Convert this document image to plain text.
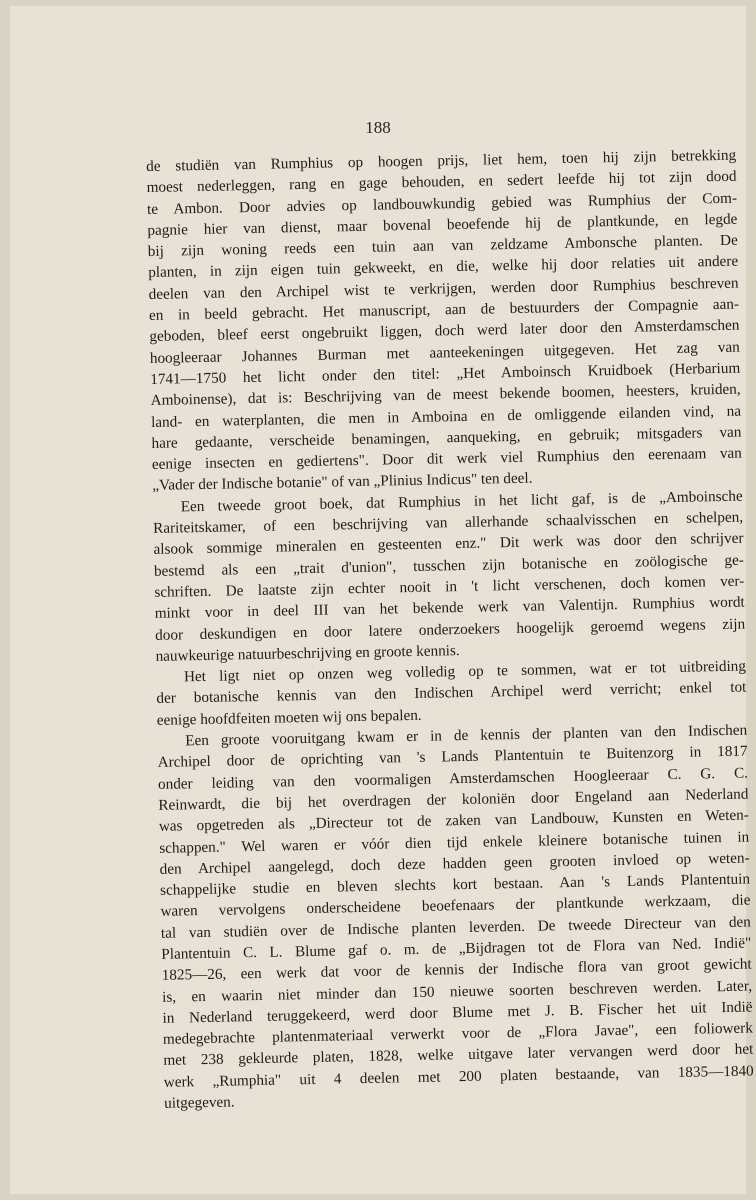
188
de studiën van Rumphius op hoogen prijs, liet hem, toen hij zijn betrekking
moest nederleggen, rang en gage behouden, en sedert leefde hij tot zijn dood
te Ambon. Door advies op landbouwkundig gebied was Rumphius der Com-
pagnie hier van dienst, maar bovenal beoefende hij de plantkunde, en legde
bij zijn woning reeds een tuin aan van zeldzame Ambonsche planten. De
planten, in zijn eigen tuin gekweekt, en die, welke hij door relaties uit andere
deelen van den Archipel wist te verkrijgen, werden door Rumphius beschreven
en in beeld gebracht. Het manuscript, aan de bestuurders der Compagnie aan-
geboden, bleef eerst ongebruikt liggen, doch werd later door den Amsterdamschen
hoogleeraar Johannes Burman met aanteekeningen uitgegeven. Het zag van
1741—1750 het licht onder den titel: „Het Amboinsch Kruidboek (Herbarium
Amboinense), dat is: Beschrijving van de meest bekende boomen, heesters, kruiden,
land- en waterplanten, die men in Amboina en de omliggende eilanden vind, na
hare gedaante, verscheide benamingen, aanqueking, en gebruik; mitsgaders van
eenige insecten en gediertens". Door dit werk viel Rumphius den eerenaam van
„Vader der Indische botanie" of van „Plinius Indicus" ten deel.
Een tweede groot boek, dat Rumphius in het licht gaf, is de „Amboinsche
Rariteitskamer, of een beschrijving van allerhande schaalvisschen en schelpen,
alsook sommige mineralen en gesteenten enz." Dit werk was door den schrijver
bestemd als een „trait d'union", tusschen zijn botanische en zoölogische ge-
schriften. De laatste zijn echter nooit in 't licht verschenen, doch komen ver-
minkt voor in deel III van het bekende werk van Valentijn. Rumphius wordt
door deskundigen en door latere onderzoekers hoogelijk geroemd wegens zijn
nauwkeurige natuurbeschrijving en groote kennis.
Het ligt niet op onzen weg volledig op te sommen, wat er tot uitbreiding
der botanische kennis van den Indischen Archipel werd verricht; enkel tot
eenige hoofdfeiten moeten wij ons bepalen.
Een groote vooruitgang kwam er in de kennis der planten van den Indischen
Archipel door de oprichting van 's Lands Plantentuin te Buitenzorg in 1817
onder leiding van den voormaligen Amsterdamschen Hoogleeraar C. G. C.
Reinwardt, die bij het overdragen der koloniën door Engeland aan Nederland
was opgetreden als „Directeur tot de zaken van Landbouw, Kunsten en Weten-
schappen." Wel waren er vóór dien tijd enkele kleinere botanische tuinen in
den Archipel aangelegd, doch deze hadden geen grooten invloed op weten-
schappelijke studie en bleven slechts kort bestaan. Aan 's Lands Plantentuin
waren vervolgens onderscheidene beoefenaars der plantkunde werkzaam, die
tal van studiën over de Indische planten leverden. De tweede Directeur van den
Plantentuin C. L. Blume gaf o. m. de „Bijdragen tot de Flora van Ned. Indië"
1825—26, een werk dat voor de kennis der Indische flora van groot gewicht
is, en waarin niet minder dan 150 nieuwe soorten beschreven werden. Later,
in Nederland teruggekeerd, werd door Blume met J. B. Fischer het uit Indië
medegebrachte plantenmateriaal verwerkt voor de „Flora Javae", een foliowerk
met 238 gekleurde platen, 1828, welke uitgave later vervangen werd door het
werk „Rumphia" uit 4 deelen met 200 platen bestaande, van 1835—1840
uitgegeven.
